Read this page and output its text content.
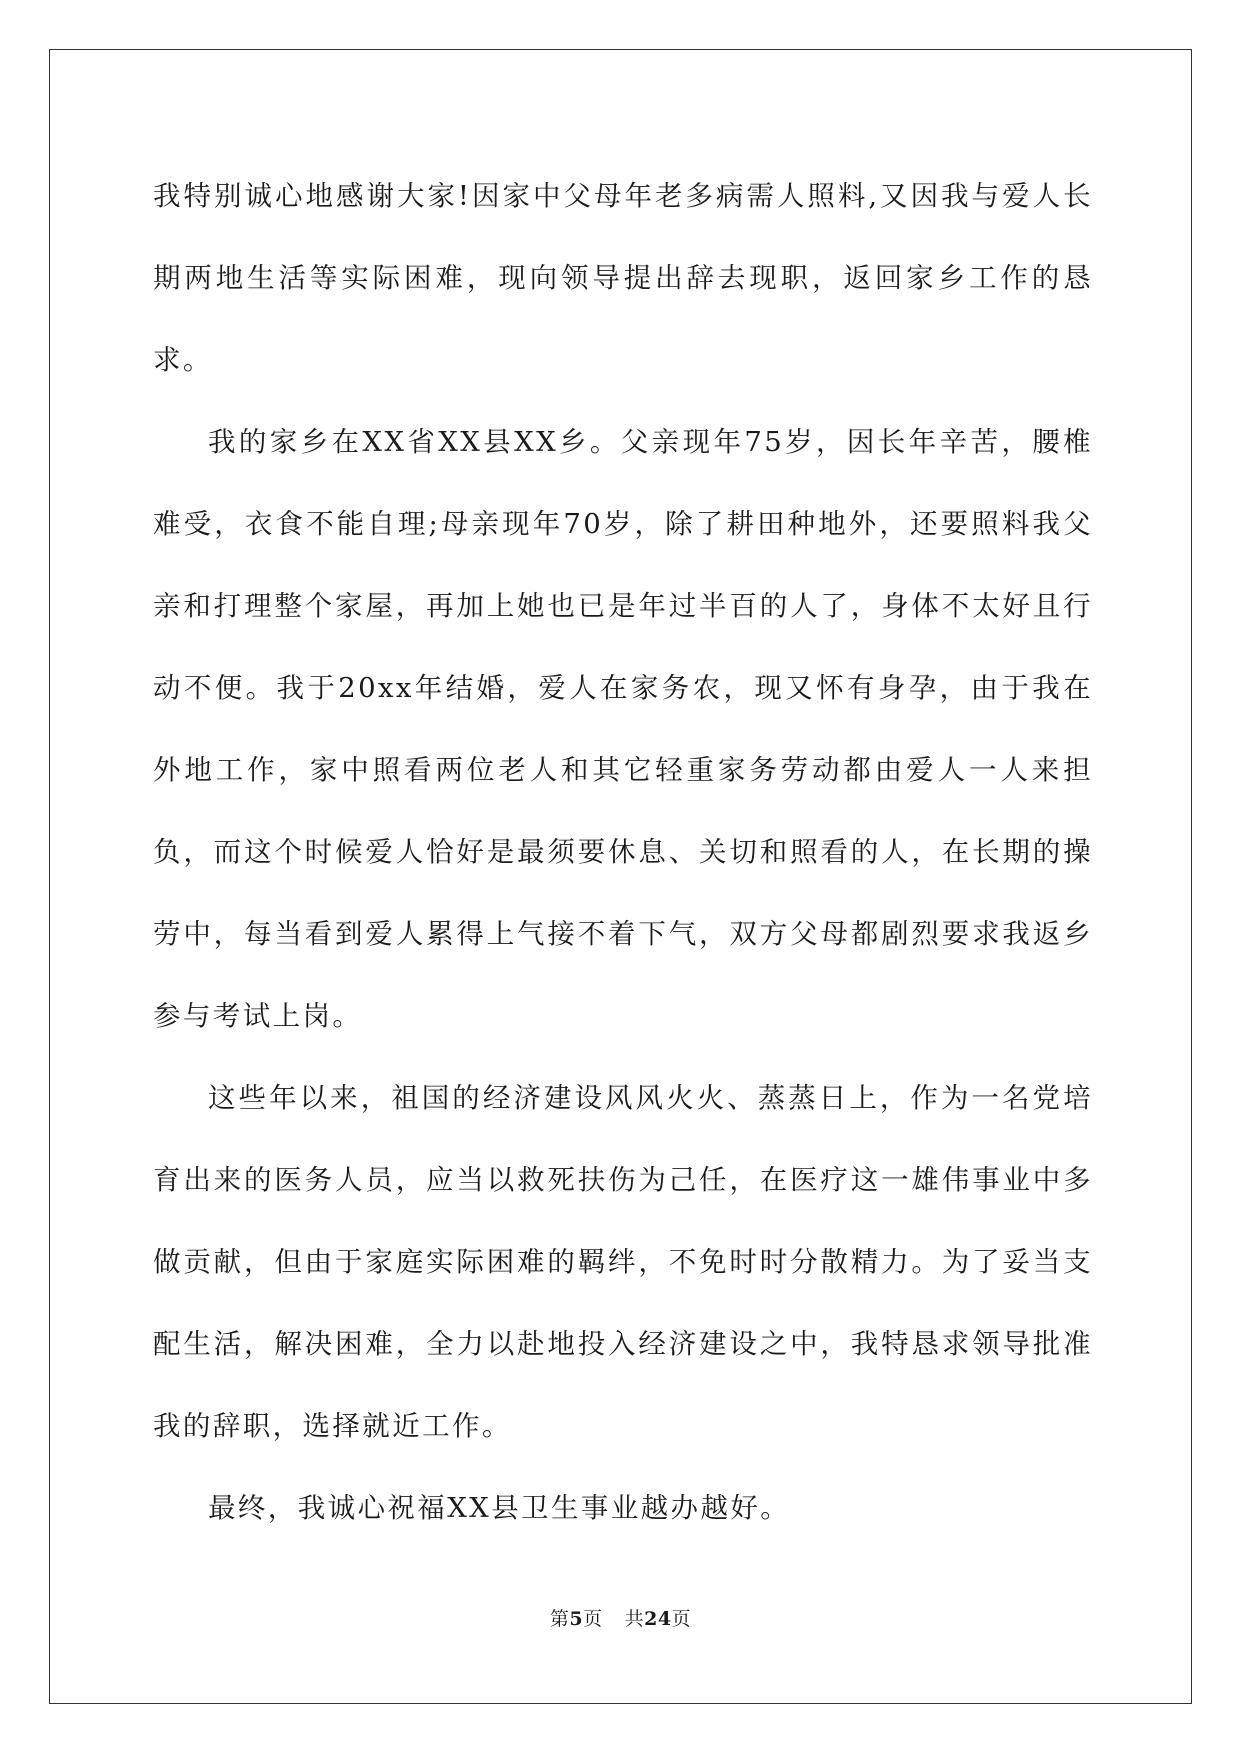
我特别诚心地感谢大家!因家中父母年老多病需人照料,又因我与爱人长期两地生活等实际困难，现向领导提出辞去现职，返回家乡工作的恳求。

我的家乡在XX省XX县XX乡。父亲现年75岁，因长年辛苦，腰椎难受，衣食不能自理;母亲现年70岁，除了耕田种地外，还要照料我父亲和打理整个家屋，再加上她也已是年过半百的人了，身体不太好且行动不便。我于20xx年结婚，爱人在家务农，现又怀有身孕，由于我在外地工作，家中照看两位老人和其它轻重家务劳动都由爱人一人来担负，而这个时候爱人恰好是最须要休息、关切和照看的人，在长期的操劳中，每当看到爱人累得上气接不着下气，双方父母都剧烈要求我返乡参与考试上岗。

这些年以来，祖国的经济建设风风火火、蒸蒸日上，作为一名党培育出来的医务人员，应当以救死扶伤为己任，在医疗这一雄伟事业中多做贡献，但由于家庭实际困难的羁绊，不免时时分散精力。为了妥当支配生活，解决困难，全力以赴地投入经济建设之中，我特恳求领导批准我的辞职，选择就近工作。

最终，我诚心祝福XX县卫生事业越办越好。

第5页 共24页
